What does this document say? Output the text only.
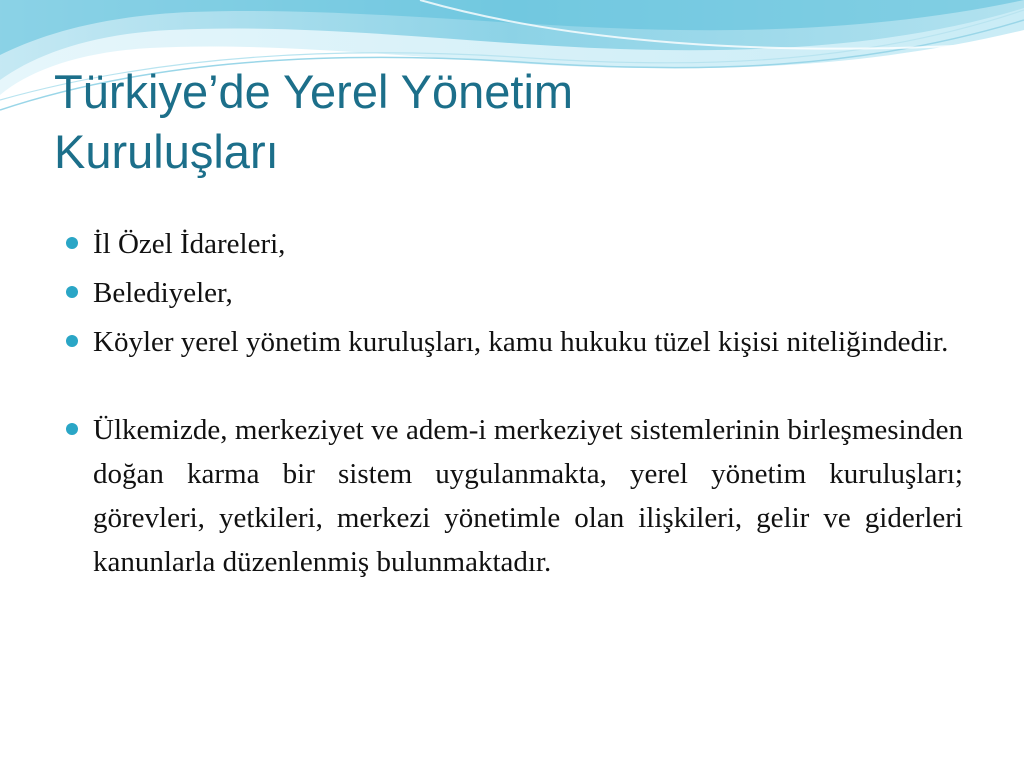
Türkiye’de Yerel Yönetim
Kuruluşları
İl Özel İdareleri,
Belediyeler,
Köyler yerel yönetim kuruluşları, kamu hukuku tüzel kişisi niteliğindedir.
Ülkemizde, merkeziyet ve adem-i merkeziyet sistemlerinin birleşmesinden doğan karma bir sistem uygulanmakta, yerel yönetim kuruluşları; görevleri, yetkileri, merkezi yönetimle olan ilişkileri, gelir ve giderleri kanunlarla düzenlenmiş bulunmaktadır.
